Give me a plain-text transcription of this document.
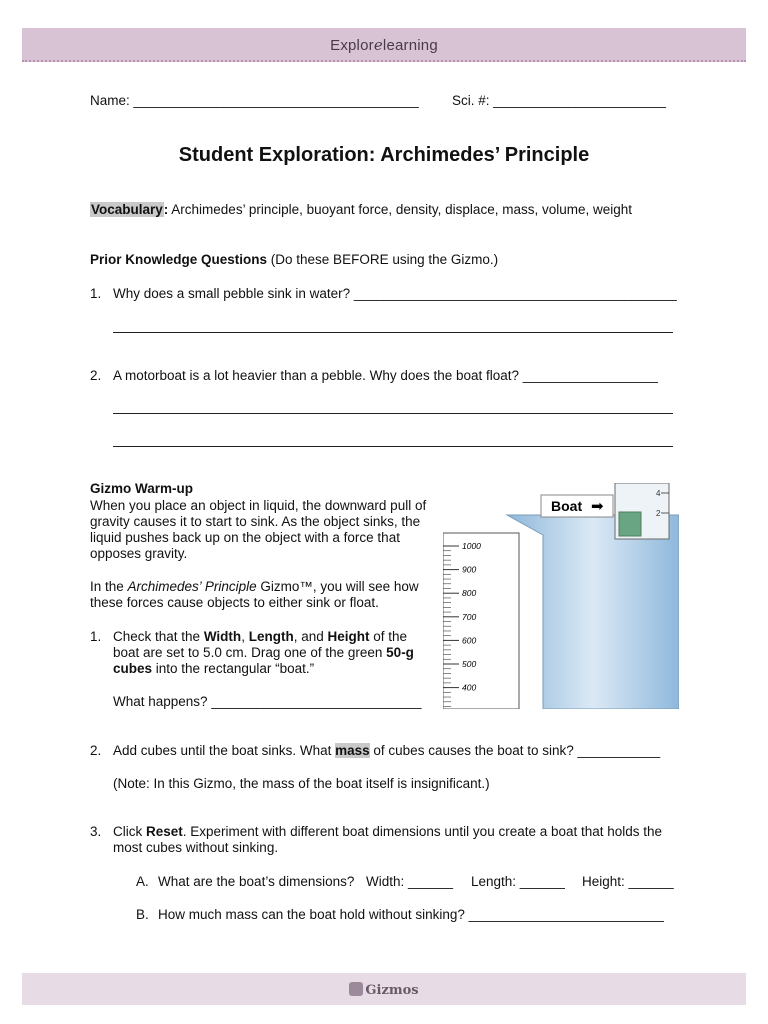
Explorelearning
Name: ______________________________________ Sci. #: _______________________
Student Exploration: Archimedes’ Principle
Vocabulary: Archimedes’ principle, buoyant force, density, displace, mass, volume, weight
Prior Knowledge Questions (Do these BEFORE using the Gizmo.)
1. Why does a small pebble sink in water? ___________________________________________
2. A motorboat is a lot heavier than a pebble. Why does the boat float? __________________
Gizmo Warm-up
When you place an object in liquid, the downward pull of gravity causes it to start to sink. As the object sinks, the liquid pushes back up on the object with a force that opposes gravity.
In the Archimedes’ Principle Gizmo™, you will see how these forces cause objects to either sink or float.
1. Check that the Width, Length, and Height of the boat are set to 5.0 cm. Drag one of the green 50-g cubes into the rectangular “boat.”
What happens? ____________________________
1000
900
800
700
600
500
400
4
2
Boat ➡
2. Add cubes until the boat sinks. What mass of cubes causes the boat to sink? ___________
(Note: In this Gizmo, the mass of the boat itself is insignificant.)
3. Click Reset. Experiment with different boat dimensions until you create a boat that holds the most cubes without sinking.
A. What are the boat’s dimensions? Width: ______ Length: ______ Height: ______
B. How much mass can the boat hold without sinking? __________________________
Gizmos
